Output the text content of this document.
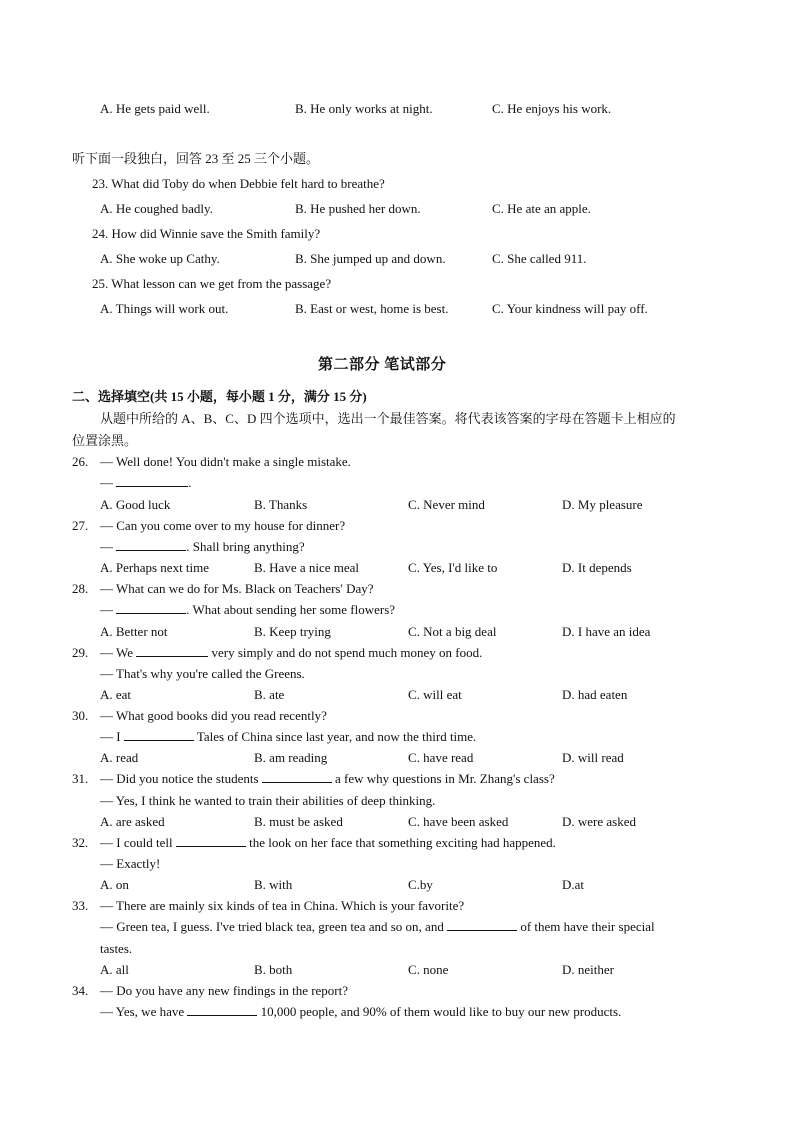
A. He gets paid well.	B. He only works at night.	C. He enjoys his work.
听下面一段独白，回答 23 至 25 三个小题。
23. What did Toby do when Debbie felt hard to breathe?
A. He coughed badly.	B. He pushed her down.	C. He ate an apple.
24. How did Winnie save the Smith family?
A. She woke up Cathy.	B. She jumped up and down.	C. She called 911.
25. What lesson can we get from the passage?
A. Things will work out.	B. East or west, home is best.	C. Your kindness will pay off.
第二部分 笔试部分
二、选择填空(共 15 小题，每小题 1 分，满分 15 分)
从题中所给的 A、B、C、D 四个选项中，选出一个最佳答案。将代表该答案的字母在答题卡上相应的
位置涂黑。
26. — Well done! You didn't make a single mistake.
—	.
A. Good luck	B. Thanks	C. Never mind	D. My pleasure
27. — Can you come over to my house for dinner?
—	. Shall bring anything?
A. Perhaps next time	B. Have a nice meal	C. Yes, I'd like to	D. It depends
28. — What can we do for Ms. Black on Teachers' Day?
—	. What about sending her some flowers?
A. Better not	B. Keep trying	C. Not a big deal	D. I have an idea
29. — We	very simply and do not spend much money on food.
— That's why you're called the Greens.
A. eat	B. ate	C. will eat	D. had eaten
30. — What good books did you read recently?
— I	Tales of China since last year, and now the third time.
A. read	B. am reading	C. have read	D. will read
31. — Did you notice the students	a few why questions in Mr. Zhang's class?
— Yes, I think he wanted to train their abilities of deep thinking.
A. are asked	B. must be asked	C. have been asked	D. were asked
32. — I could tell	the look on her face that something exciting had happened.
— Exactly!
A. on	B. with	C.by	D.at
33. — There are mainly six kinds of tea in China. Which is your favorite?
— Green tea, I guess. I've tried black tea, green tea and so on, and	of them have their special
tastes.
A. all	B. both	C. none	D. neither
34. — Do you have any new findings in the report?
— Yes, we have	10,000 people, and 90% of them would like to buy our new products.
